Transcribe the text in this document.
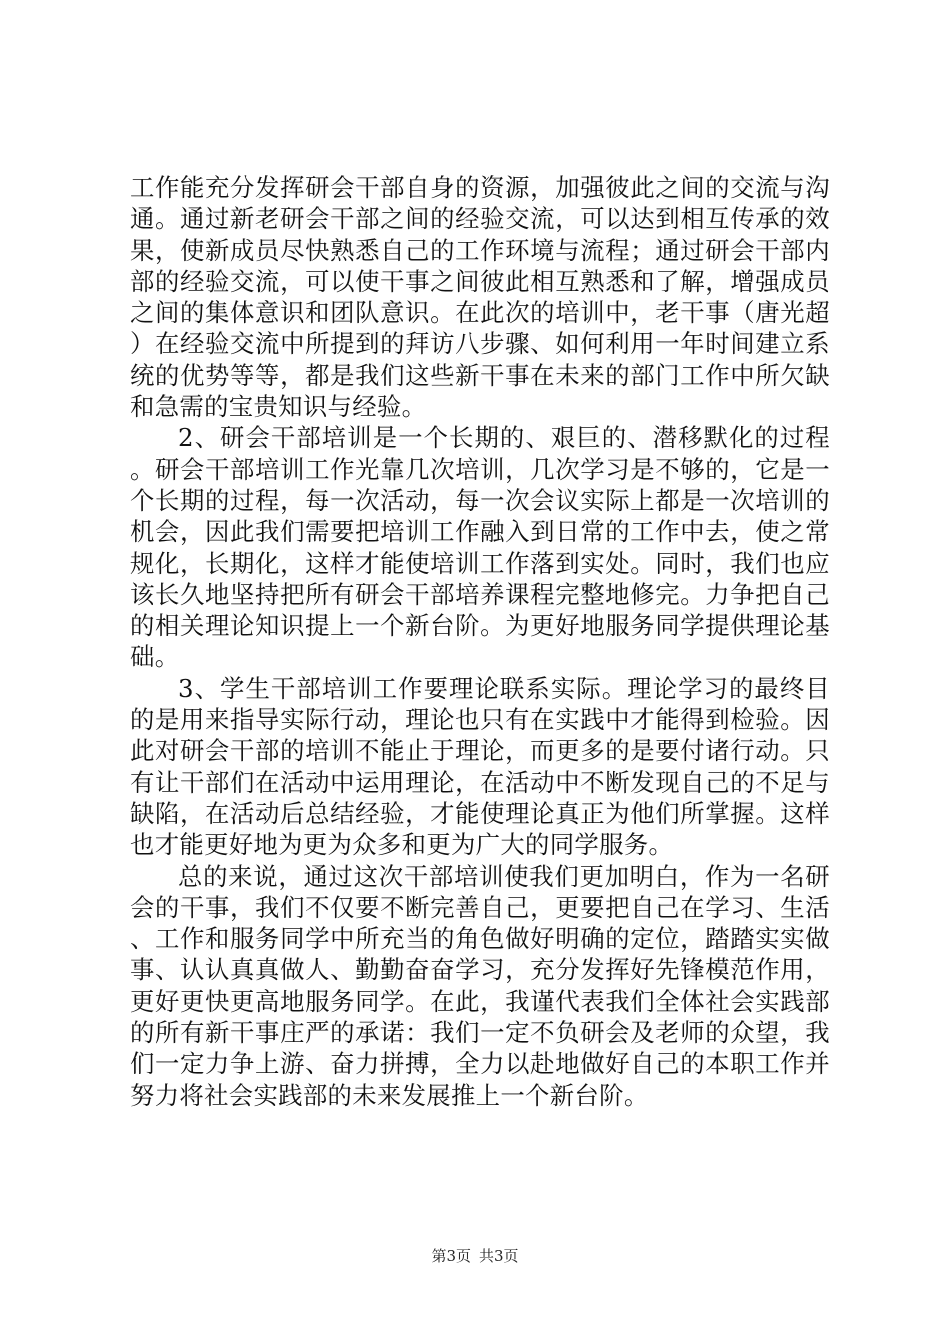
工作能充分发挥研会干部自身的资源，加强彼此之间的交流与沟通。通过新老研会干部之间的经验交流，可以达到相互传承的效果，使新成员尽快熟悉自己的工作环境与流程；通过研会干部内部的经验交流，可以使干事之间彼此相互熟悉和了解，增强成员之间的集体意识和团队意识。在此次的培训中，老干事（唐光超）在经验交流中所提到的拜访八步骤、如何利用一年时间建立系统的优势等等，都是我们这些新干事在未来的部门工作中所欠缺和急需的宝贵知识与经验。

2、研会干部培训是一个长期的、艰巨的、潜移默化的过程。研会干部培训工作光靠几次培训，几次学习是不够的，它是一个长期的过程，每一次活动，每一次会议实际上都是一次培训的机会，因此我们需要把培训工作融入到日常的工作中去，使之常规化，长期化，这样才能使培训工作落到实处。同时，我们也应该长久地坚持把所有研会干部培养课程完整地修完。力争把自己的相关理论知识提上一个新台阶。为更好地服务同学提供理论基础。

3、学生干部培训工作要理论联系实际。理论学习的最终目的是用来指导实际行动，理论也只有在实践中才能得到检验。因此对研会干部的培训不能止于理论，而更多的是要付诸行动。只有让干部们在活动中运用理论，在活动中不断发现自己的不足与缺陷，在活动后总结经验，才能使理论真正为他们所掌握。这样也才能更好地为更为众多和更为广大的同学服务。

总的来说，通过这次干部培训使我们更加明白，作为一名研会的干事，我们不仅要不断完善自己，更要把自己在学习、生活、工作和服务同学中所充当的角色做好明确的定位，踏踏实实做事、认认真真做人、勤勤奋奋学习，充分发挥好先锋模范作用，更好更快更高地服务同学。在此，我谨代表我们全体社会实践部的所有新干事庄严的承诺：我们一定不负研会及老师的众望，我们一定力争上游、奋力拼搏，全力以赴地做好自己的本职工作并努力将社会实践部的未来发展推上一个新台阶。

第3页 共3页
